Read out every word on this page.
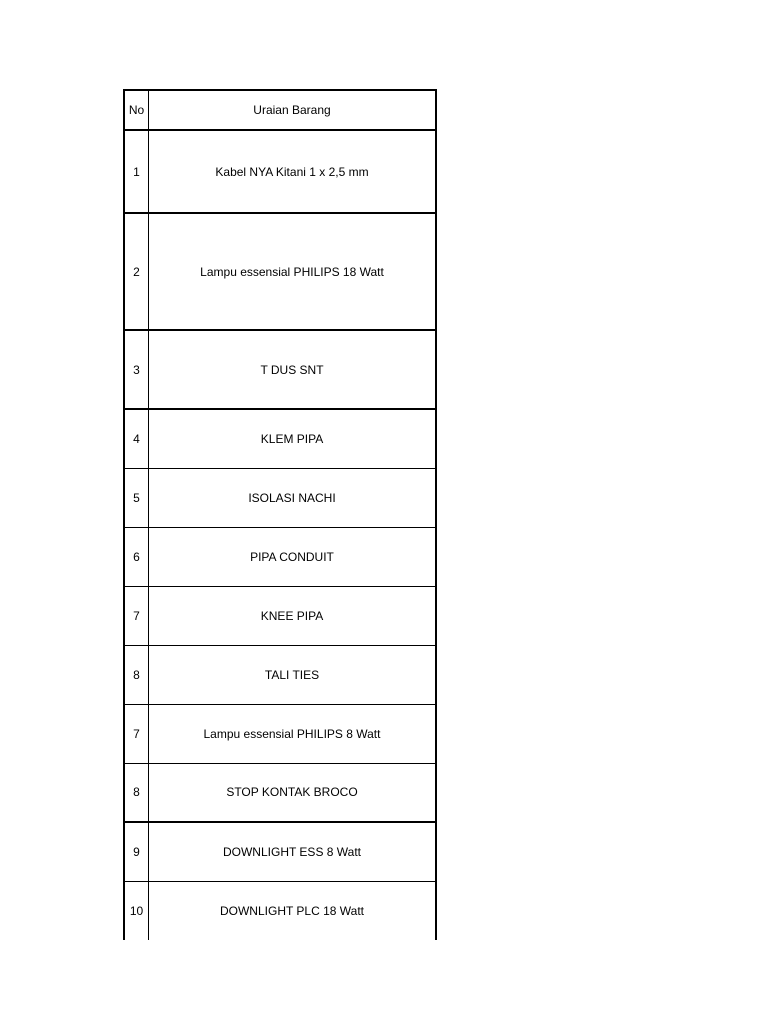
No	Uraian Barang
1	Kabel NYA Kitani 1 x 2,5 mm
2	Lampu essensial PHILIPS 18 Watt
3	T DUS SNT
4	KLEM PIPA
5	ISOLASI NACHI
6	PIPA CONDUIT
7	KNEE PIPA
8	TALI TIES
7	Lampu essensial PHILIPS 8 Watt
8	STOP KONTAK BROCO
9	DOWNLIGHT ESS 8 Watt
10	DOWNLIGHT PLC 18 Watt
